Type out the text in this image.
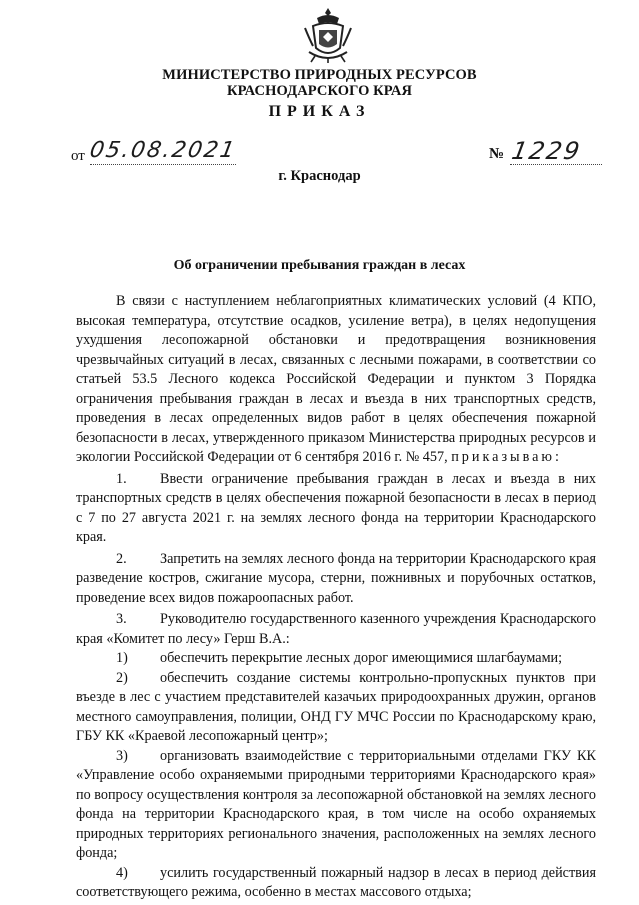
МИНИСТЕРСТВО ПРИРОДНЫХ РЕСУРСОВ
КРАСНОДАРСКОГО КРАЯ
ПРИКАЗ
от 05.08.2021	№ 1229
г. Краснодар
Об ограничении пребывания граждан в лесах

В связи с наступлением неблагоприятных климатических условий (4 КПО, высокая температура, отсутствие осадков, усиление ветра), в целях недопущения ухудшения лесопожарной обстановки и предотвращения возникновения чрезвычайных ситуаций в лесах, связанных с лесными пожарами, в соответствии со статьей 53.5 Лесного кодекса Российской Федерации и пунктом 3 Порядка ограничения пребывания граждан в лесах и въезда в них транспортных средств, проведения в лесах определенных видов работ в целях обеспечения пожарной безопасности в лесах, утвержденного приказом Министерства природных ресурсов и экологии Российской Федерации от 6 сентября 2016 г. № 457, приказываю:

1. Ввести ограничение пребывания граждан в лесах и въезда в них транспортных средств в целях обеспечения пожарной безопасности в лесах в период с 7 по 27 августа 2021 г. на землях лесного фонда на территории Краснодарского края.

2. Запретить на землях лесного фонда на территории Краснодарского края разведение костров, сжигание мусора, стерни, пожнивных и порубочных остатков, проведение всех видов пожароопасных работ.

3. Руководителю государственного казенного учреждения Краснодарского края «Комитет по лесу» Герш В.А.:

1) обеспечить перекрытие лесных дорог имеющимися шлагбаумами;

2) обеспечить создание системы контрольно-пропускных пунктов при въезде в лес с участием представителей казачьих природоохранных дружин, органов местного самоуправления, полиции, ОНД ГУ МЧС России по Краснодарскому краю, ГБУ КК «Краевой лесопожарный центр»;

3) организовать взаимодействие с территориальными отделами ГКУ КК «Управление особо охраняемыми природными территориями Краснодарского края» по вопросу осуществления контроля за лесопожарной обстановкой на землях лесного фонда на территории Краснодарского края, в том числе на особо охраняемых природных территориях регионального значения, расположенных на землях лесного фонда;

4) усилить государственный пожарный надзор в лесах в период действия соответствующего режима, особенно в местах массового отдыха;
